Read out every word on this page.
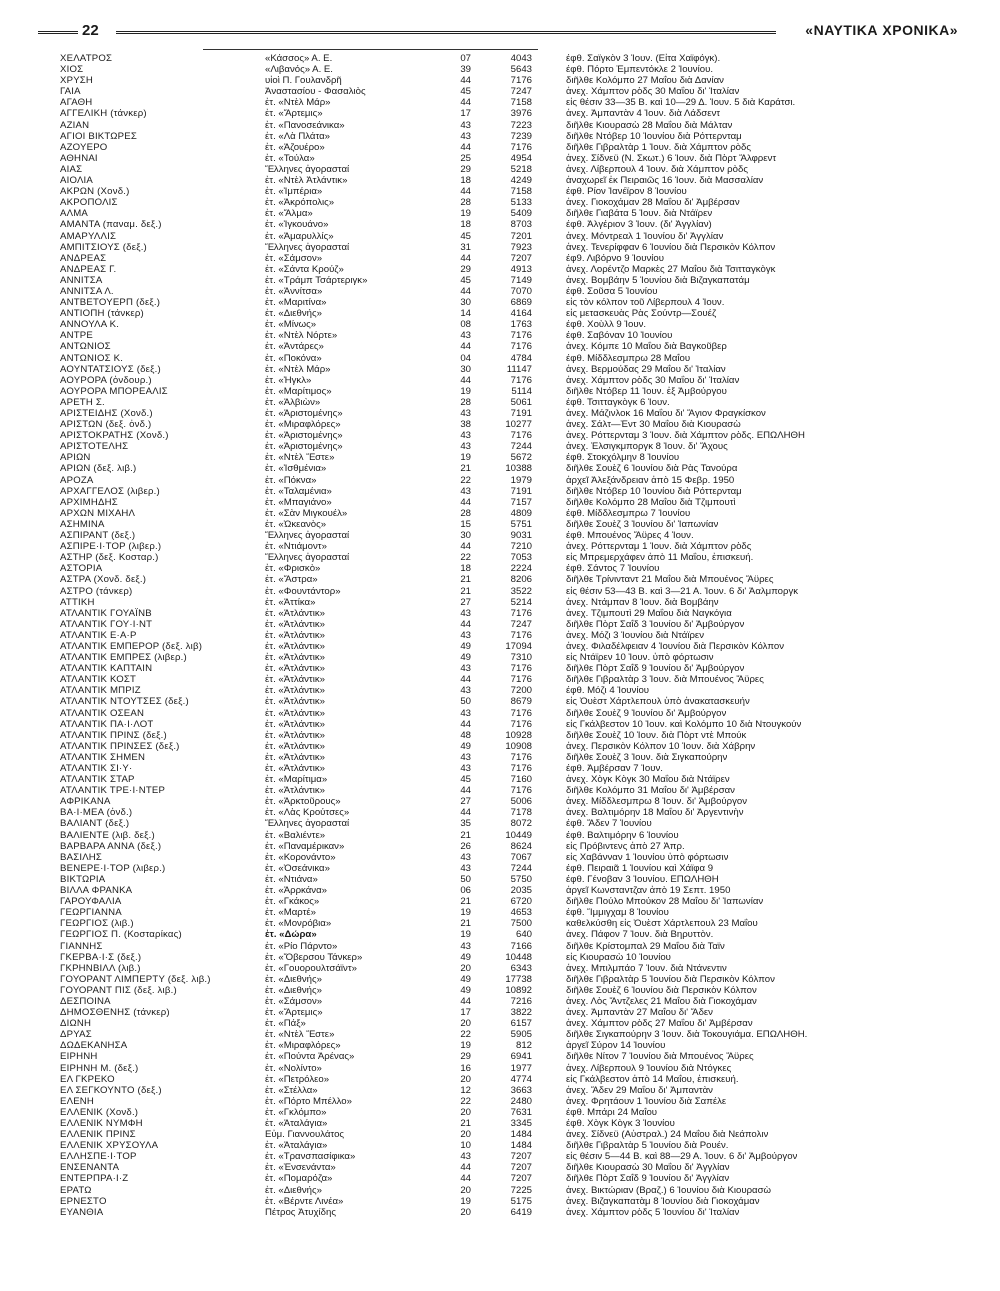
22	«ΝΑΥΤΙΚΑ ΧΡΟΝΙΚΑ»
ΧΕΛΑΤΡΟΣ	«Κάσσος» Α. Ε.	07	4043	έφθ. Σαϊγκὸν 3 Ἰουν. (Εἰτα Χαϊφόγκ).
ΧΙΟΣ	«Λιβανός» Α. Ε.	39	5643	έφθ. Πόρτο Ἐμπεντόκλε 2 Ἰουνίου.
ΧΡΥΣΗ	υἱοὶ Π. Γουλανδρῆ	44	7176	διῆλθε Κολόμπο 27 Μαΐου διὰ Δανίαν
ΓΑΙΑ	Ἀναστασίου - Φασαλιὸς	45	7247	ἀνεχ. Χάμπτον ρὸδς 30 Μαΐου δι' Ἰταλίαν
ΑΓΑΘΗ	ἐτ. «Ντὲλ Μάρ»	44	7158	εἰς θέσιν 33—35 Β. καὶ 10—29 Δ. Ἰουν. 5 διὰ Καράτσι.
ΑΓΓΕΛΙΚΗ (τάνκερ)	ἐτ. «Ἄρτεμις»	17	3976	ἀνεχ. Ἀμπαντὰν 4 Ἰουν. διὰ Λάδσεντ
ΑΖΙΑΝ	ἐτ. «Πανοσεάνικα»	43	7223	διῆλθε Κιουρασὼ 28 Μαΐου διὰ Μάλταν
ΑΓΙΟΙ ΒΙΚΤΩΡΕΣ	ἐτ. «Λὰ Πλάτα»	43	7239	διῆλθε Ντόβερ 10 Ἰουνίου διὰ Ρόττερνταμ
ΑΖΟΥΕΡΟ	ἐτ. «Ἀζουέρο»	44	7176	διῆλθε Γιβραλτὰρ 1 Ἰουν. διὰ Χάμπτον ρὸδς
ΑΘΗΝΑΙ	ἐτ. «Τούλα»	25	4954	ἀνεχ. Σίδνεϋ (Ν. Σκωτ.) 6 Ἰουν. διὰ Πὸρτ Ἄλφρεντ
ΑΙΑΣ	Ἕλληνες ἀγορασταί	29	5218	ἀνεχ. Λίβερπουλ 4 Ἰουν. διὰ Χάμπτον ρὸδς
ΑΙΟΛΙΑ	ἐτ. «Ντὲλ Ἀτλάντικ»	18	4249	ἀναχωρεῖ ἐκ Πειραιῶς 16 Ἰουν. διὰ Μασσαλίαν
ΑΚΡΩΝ (Χονδ.)	ἐτ. «Ἰμπέρια»	44	7158	έφθ. Ρίον Ἰανέϊρον 8 Ἰουνίου
ΑΚΡΟΠΟΛΙΣ	ἐτ. «Ἀκρόπολις»	28	5133	ἀνεχ. Γιοκοχάμαν 28 Μαΐου δι' Ἀμβέρσαν
ΑΛΜΑ	ἐτ. «Ἄλμα»	19	5409	διῆλθε Γιαβάτα 5 Ἰουν. διὰ Ντάϊρεν
ΑΜΑΝΤΑ (παναμ. δεξ.)	ἐτ. «Ἰγκουάνο»	18	8703	έφθ. Ἀλγέριον 3 Ἰουν. (δι' Ἀγγλίαν)
ΑΜΑΡΥΛΛΙΣ	ἐτ. «Ἀμαρυλλίς»	45	7201	ἀνεχ. Μόντρεαλ 1 Ἰουνίου δι' Ἀγγλίαν
ΑΜΠΙΤΣΙΟΥΣ (δεξ.)	Ἕλληνες ἀγορασταί	31	7923	ἀνεχ. Τενερίφφαν 6 Ἰουνίου διὰ Περσικὸν Κόλπον
ΑΝΔΡΕΑΣ	ἐτ. «Σάμσον»	44	7207	έφ9. Λιβόρνο 9 Ἰουνίου
ΑΝΔΡΕΑΣ Γ.	ἐτ. «Σάντα Κρούζ»	29	4913	ἀνεχ. Λορέντζο Μαρκὲς 27 Μαΐου διὰ Τσιτταγκὸγκ
ΑΝΝΙΤΣΑ	ἐτ. «Τράμπ Τσάρτεριγκ»	45	7149	ἀνεχ. Βομβάην 5 Ἰουνίου διὰ Βιζαγκαπατάμ
ΑΝΝΙΤΣΑ Λ.	ἐτ. «Ἀννίτσα»	44	7070	έφθ. Σοῦσα 5 Ἰουνίου
ΑΝΤΒΕΤΟΥΕΡΠ (δεξ.)	ἐτ. «Μαριτίνα»	30	6869	εἰς τὸν κόλπον τοῦ Λίβερπουλ 4 Ἰουν.
ΑΝΤΙΟΠΗ (τάνκερ)	ἐτ. «Διεθνής»	14	4164	εἰς μετασκευὰς Ρὰς Σούντρ—Σουέζ
ΑΝΝΟΥΛΑ Κ.	ἐτ. «Μίνως»	08	1763	έφθ. Χοὺλλ 9 Ἰουν.
ΑΝΤΡΕ	ἐτ. «Ντὲλ Νόρτε»	43	7176	έφθ. Σαβόναν 10 Ἰουνίου
ΑΝΤΩΝΙΟΣ	ἐτ. «Ἀντάρες»	44	7176	ἀνεχ. Κόμπε 10 Μαΐου διὰ Βαγκοῦβερ
ΑΝΤΩΝΙΟΣ Κ.	ἐτ. «Ποκόνα»	04	4784	έφθ. Μίδδλεσμπρω 28 Μαΐου
ΑΟΥΝΤΑΤΣΙΟΥΣ (δεξ.)	ἐτ. «Ντὲλ Μάρ»	30	11147	ἀνεχ. Βερμούδας 29 Μαΐου δι' Ἰταλίαν
ΑΟΥΡΟΡΑ (ὀνδουρ.)	ἐτ. «Ἠγκλ»	44	7176	ἀνεχ. Χάμπτον ρὸδς 30 Μαΐου δι' Ἰταλίαν
ΑΟΥΡΟΡΑ ΜΠΟΡΕΑΛΙΣ	ἐτ. «Μαρίτιμος»	19	5114	διῆλθε Ντόβερ 11 Ἰουν. ἐξ Ἀμβούργου
ΑΡΕΤΗ Σ.	ἐτ. «Ἀλβιὼν»	28	5061	έφθ. Τσιτταγκὸγκ 6 Ἰουν.
ΑΡΙΣΤΕΙΔΗΣ (Χονδ.)	ἐτ. «Ἀριστομένης»	43	7191	ἀνεχ. Μάζινλοκ 16 Μαΐου δι' Ἅγιον Φραγκίσκον
ΑΡΙΣΤΩΝ (δεξ. ὀνδ.)	ἐτ. «Μιραφλόρες»	38	10277	ἀνεχ. Σάλτ—Ἐντ 30 Μαΐου διὰ Κιουρασὼ
ΑΡΙΣΤΟΚΡΑΤΗΣ (Χονδ.)	ἐτ. «Ἀριστομένης»	43	7176	ἀνεχ. Ρόττερνταμ 3 Ἰουν. διὰ Χάμπτον ρὸδς. ΕΠΩΛΗΘΗ
ΑΡΙΣΤΟΤΕΛΗΣ	ἐτ. «Ἀριστομένης»	43	7244	ἀνεχ. Ἑλσιγκμποργκ 8 Ἰουν. δι' Ἄχους
ΑΡΙΩΝ	ἐτ. «Ντὲλ Ἔστε»	19	5672	έφθ. Στοκχόλμην 8 Ἰουνίου
ΑΡΙΩΝ (δεξ. λιβ.)	ἐτ. «Ἰσθμένια»	21	10388	διῆλθε Σουὲζ 6 Ἰουνίου διὰ Ρὰς Τανούρα
ΑΡΟΖΑ	ἐτ. «Πόκνα»	22	1979	ἀρχεῖ Ἀλεξάνδρειαν ἀπὸ 15 Φεβρ. 1950
ΑΡΧΑΓΓΕΛΟΣ (λιβερ.)	ἐτ. «Ταλαμένια»	43	7191	διῆλθε Ντόβερ 10 Ἰουνίου διὰ Ρόττερνταμ
ΑΡΧΙΜΗΔΗΣ	ἐτ. «Μπαγιάνο»	44	7157	διῆλθε Κολόμπο 28 Μαΐου διὰ Τζιμπουτὶ
ΑΡΧΩΝ ΜΙΧΑΗΛ	ἐτ. «Σὰν Μιγκουέλ»	28	4809	έφθ. Μίδδλεσμπρω 7 Ἰουνίου
ΑΣΗΜΙΝΑ	ἐτ. «Ὠκεανὸς»	15	5751	διῆλθε Σουὲζ 3 Ἰουνίου δι' Ἰαπωνίαν
ΑΣΠΙΡΑΝΤ (δεξ.)	Ἕλληνες ἀγορασταί	30	9031	έφθ. Μπουένος Ἄϋρες 4 Ἰουν.
ΑΣΠΙΡΕ·Ι·ΤΟΡ (λιβερ.)	ἐτ. «Ντιάμοντ»	44	7210	ἀνεχ. Ρόττερνταμ 1 Ἰουν. διὰ Χάμπτον ρὸδς
ΑΣΤΗΡ (δεξ. Κοσταρ.)	Ἕλληνες ἀγορασταί	22	7053	εἰς Μπρεμερχάφεν ἀπὸ 11 Μαΐου, ἐπισκευή.
ΑΣΤΟΡΙΑ	ἐτ. «Φρισκὸ»	18	2224	έφθ. Σάντος 7 Ἰουνίου
ΑΣΤΡΑ (Χονδ. δεξ.)	ἐτ. «Ἄστρα»	21	8206	διῆλθε Τρίνινταντ 21 Μαΐου διὰ Μπουένος Ἄϋρες
ΑΣΤΡΟ (τάνκερ)	ἐτ. «Φουντάντορ»	21	3522	εἰς θέσιν 53—43 Β. καὶ 3—21 Α. Ἰουν. 6 δι' Ἀαλμποργκ
ΑΤΤΙΚΗ	ἐτ. «Ἀττίκα»	27	5214	ἀνεχ. Ντάμπαν 8 Ἰουν. διὰ Βομβάην
ΑΤΛΑΝΤΙΚ ΓΟΥΑΪΝΒ	ἐτ. «Ἀτλάντικ»	43	7176	ἀνεχ. Τζιμπουτὶ 29 Μαΐου διὰ Ναγκόγια
ΑΤΛΑΝΤΙΚ ΓΟΥ·Ι·ΝΤ	ἐτ. «Ἀτλάντικ»	44	7247	διῆλθε Πὸρτ Σαΐδ 3 Ἰουνίου δι' Ἀμβούργον
ΑΤΛΑΝΤΙΚ Ε·Α·Ρ	ἐτ. «Ἀτλάντικ»	43	7176	ἀνεχ. Μόζι 3 Ἰουνίου διὰ Ντάϊρεν
ΑΤΛΑΝΤΙΚ ΕΜΠΕΡΟΡ (δεξ. λιβ)	ἐτ. «Ἀτλάντικ»	49	17094	ἀνεχ. Φιλαδέλφειαν 4 Ἰουνίου διὰ Περσικὸν Κόλπον
ΑΤΛΑΝΤΙΚ ΕΜΠΡΕΣ (λιβερ.)	ἐτ. «Ἀτλάντικ»	49	7310	εἰς Ντάϊρεν 10 Ἰουν. ὑπὸ φόρτωσιν
ΑΤΛΑΝΤΙΚ ΚΑΠΤΑΙΝ	ἐτ. «Ἀτλάντικ»	43	7176	διῆλθε Πὸρτ Σαΐδ 9 Ἰουνίου δι' Ἀμβούργον
ΑΤΛΑΝΤΙΚ ΚΟΣΤ	ἐτ. «Ἀτλάντικ»	44	7176	διῆλθε Γιβραλτὰρ 3 Ἰουν. διὰ Μπουένος Ἄϋρες
ΑΤΛΑΝΤΙΚ ΜΠΡΙΖ	ἐτ. «Ἀτλάντικ»	43	7200	έφθ. Μόζι 4 Ἰουνίου
ΑΤΛΑΝΤΙΚ ΝΤΟΥΤΣΕΣ (δεξ.)	ἐτ. «Ἀτλάντικ»	50	8679	εἰς Ὀυὲστ Χάρτλεπουλ ὑπὸ ἀνακατασκευήν
ΑΤΛΑΝΤΙΚ ΟΣΕΑΝ	ἐτ. «Ἀτλάντικ»	43	7176	διῆλθε Σουὲζ 9 Ἰουνίου δι' Ἀμβούργον
ΑΤΛΑΝΤΙΚ ΠΑ·Ι·ΛΟΤ	ἐτ. «Ἀτλάντικ»	44	7176	εἰς Γκάλβεστον 10 Ἰουν. καὶ Κολόμπο 10 διὰ Ντουγκούν
ΑΤΛΑΝΤΙΚ ΠΡΙΝΣ (δεξ.)	ἐτ. «Ἀτλάντικ»	48	10928	διῆλθε Σουὲζ 10 Ἰουν. διὰ Πὸρτ ντὲ Μπούκ
ΑΤΛΑΝΤΙΚ ΠΡΙΝΣΕΣ (δεξ.)	ἐτ. «Ἀτλάντικ»	49	10908	ἀνεχ. Περσικὸν Κόλπον 10 Ἰουν. διὰ Χάβρην
ΑΤΛΑΝΤΙΚ ΣΗΜΕΝ	ἐτ. «Ἀτλάντικ»	43	7176	διῆλθε Σουὲζ 3 Ἰουν. διὰ Σιγκαπούρην
ΑΤΛΑΝΤΙΚ ΣΙ·Υ·	ἐτ. «Ἀτλάντικ»	43	7176	έφθ. Ἀμβέρσαν 7 Ἰουν.
ΑΤΛΑΝΤΙΚ ΣΤΑΡ	ἐτ. «Μαρίτιμα»	45	7160	ἀνεχ. Χὸγκ Κὸγκ 30 Μαΐου διὰ Ντάϊρεν
ΑΤΛΑΝΤΙΚ ΤΡΕ·Ι·ΝΤΕΡ	ἐτ. «Ἀτλάντικ»	44	7176	διῆλθε Κολόμπο 31 Μαΐου δι' Ἀμβέρσαν
ΑΦΡΙΚΑΝΑ	ἐτ. «Ἀρκτοῦρους»	27	5006	ἀνεχ. Μίδδλεσμπρω 8 Ἰουν. δι' Ἀμβούργον
ΒΑ·Ι·ΜΕΑ (ὀνδ.)	ἐτ. «Λὰς Κρούτσες»	44	7178	ἀνεχ. Βαλτιμόρην 18 Μαΐου δι' Ἀργεντινὴν
ΒΑΛΙΑΝΤ (δεξ.)	Ἕλληνες ἀγορασταί	35	8072	έφθ. Ἄδεν 7 Ἰουνίου
ΒΑΛΙΕΝΤΕ (λιβ. δεξ.)	ἐτ. «Βαλιέντε»	21	10449	έφθ. Βαλτιμόρην 6 Ἰουνίου
ΒΑΡΒΑΡΑ ΑΝΝΑ (δεξ.)	ἐτ. «Παναμέρικαν»	26	8624	εἰς Πρόβιντενς ἀπὸ 27 Ἀπρ.
ΒΑΣΙΛΗΣ	ἐτ. «Κορονάντο»	43	7067	εἰς Χαβάνναν 1 Ἰουνίου ὑπὸ φόρτωσιν
ΒΕΝΕΡΕ·Ι·ΤΟΡ (λιβερ.)	ἐτ. «Ὀσεάνικα»	43	7244	έφθ. Πειραιᾶ 1 Ἰουνίου καὶ Χάϊφα 9
ΒΙΚΤΩΡΙΑ	ἐτ. «Ντιάνα»	50	5750	έφθ. Γένοβαν 3 Ἰουνίου. ΕΠΩΛΗΘΗ
ΒΙΛΛΑ ΦΡΑΝΚΑ	ἐτ. «Ἀρρκάνα»	06	2035	ἀργεῖ Κωνσταντζαν ἀπὸ 19 Σεπτ. 1950
ΓΑΡΟΥΦΑΛΙΑ	ἐτ. «Γκάκος»	21	6720	διῆλθε Πούλο Μπούκον 28 Μαΐου δι' Ἰαπωνίαν
ΓΕΩΡΓΙΑΝΝΑ	ἐτ. «Μαρτέ»	19	4653	έφθ. Ἴμμιγχαμ 8 Ἰουνίου
ΓΕΩΡΓΙΟΣ (λιβ.)	ἐτ. «Μονρόβια»	21	7500	καθελκύσθη εἰς Ὀυὲστ Χάρτλεπουλ 23 Μαΐου
ΓΕΩΡΓΙΟΣ Π. (Κοσταρίκας)	ἐτ. «Δώρα»	19	640	ἀνεχ. Πάφον 7 Ἰουν. διὰ Βηρυττὸν.
ΓΙΑΝΝΗΣ	ἐτ. «Ρίο Πάρντο»	43	7166	διῆλθε Κρίστομπαλ 29 Μαΐου διὰ Ταϊν
ΓΚΕΡΒΑ·Ι·Σ (δεξ.)	ἐτ. «Ὄβερσου Τάνκερ»	49	10448	εἰς Κιουρασὼ 10 Ἰουνίου
ΓΚΡΗΝΒΙΛΛ (λιβ.)	ἐτ. «Γουορουλτσάϊντ»	20	6343	ἀνεχ. Μπιλμπάο 7 Ἰουν. διὰ Ντάνεντιν
ΓΟΥΟΡΑΝΤ ΛΙΜΠΕΡΤΥ (δεξ. λιβ.)	ἐτ. «Διεθνής»	49	17738	διῆλθε Γιβραλτὰρ 5 Ἰουνίου διὰ Περσικὸν Κόλπον
ΓΟΥΟΡΑΝΤ ΠΙΣ (δεξ. λιβ.)	ἐτ. «Διεθνής»	49	10892	διῆλθε Σουὲζ 6 Ἰουνίου διὰ Περσικὸν Κόλπον
ΔΕΣΠΟΙΝΑ	ἐτ. «Σάμσον»	44	7216	ἀνεχ. Λὸς Ἄντζελες 21 Μαΐου διὰ Γιοκοχάμαν
ΔΗΜΟΣΘΕΝΗΣ (τάνκερ)	ἐτ. «Ἄρτεμις»	17	3822	ἀνεχ. Ἀμπαντὰν 27 Μαΐου δι' Ἄδεν
ΔΙΩΝΗ	ἐτ. «Πάξ»	20	6157	ἀνεχ. Χάμπτον ρὸδς 27 Μαΐου δι' Ἀμβέρσαν
ΔΡΥΑΣ	ἐτ. «Ντὲλ Ἔστε»	22	5905	διῆλθε Σιγκαπούρην 3 Ἰουν. διὰ Τοκουγιάμα. ΕΠΩΛΗΘΗ.
ΔΩΔΕΚΑΝΗΣΑ	ἐτ. «Μιραφλόρες»	19	812	ἀργεῖ Σύρον 14 Ἰουνίου
ΕΙΡΗΝΗ	ἐτ. «Πούντα Ἀρένας»	29	6941	διῆλθε Νίτον 7 Ἰουνίου διὰ Μπουένος Ἄϋρες
ΕΙΡΗΝΗ Μ. (δεξ.)	ἐτ. «Νολίντο»	16	1977	ἀνεχ. Λίβερπουλ 9 Ἰουνίου διὰ Ντόγκες
ΕΛ ΓΚΡΕΚΟ	ἐτ. «Πετρόλεο»	20	4774	εἰς Γκάλβεστον ἀπὸ 14 Μαΐου, ἐπισκευή.
ΕΛ ΣΕΓΚΟΥΝΤΟ (δεξ.)	ἐτ. «Στέλλα»	12	3663	ἀνεχ. Ἄδεν 29 Μαΐου δι' Ἀμπαντὰν
ΕΛΕΝΗ	ἐτ. «Πόρτο Μπέλλο»	22	2480	ἀνεχ. Φρητάουν 1 Ἰουνίου διὰ Σαπέλε
ΕΛΛΕΝΙΚ (Χονδ.)	ἐτ. «Γκλόμπο»	20	7631	έφθ. Μπάρι 24 Μαΐου
ΕΛΛΕΝΙΚ ΝΥΜΦΗ	ἐτ. «Ἀταλάγια»	21	3345	έφθ. Χὸγκ Κὸγκ 3 Ἰουνίου
ΕΛΛΕΝΙΚ ΠΡΙΝΣ	Εὐμ. Γιαννουλάτος	20	1484	ἀνεχ. Σίδνεϋ (Αὐστραλ.) 24 Μαΐου διὰ Νεάπολιν
ΕΛΛΕΝΙΚ ΧΡΥΣΟΥΛΑ	ἐτ. «Ἀταλάγια»	10	1484	διῆλθε Γιβραλτὰρ 5 Ἰουνίου διὰ Ρουέν.
ΕΛΛΗΣΠΕ·Ι·ΤΟΡ	ἐτ. «Τρανσπασίφικα»	43	7207	εἰς θέσιν 5—44 Β. καὶ 88—29 Α. Ἰουν. 6 δι' Ἀμβούργον
ΕΝΣΕΝΑΝΤΑ	ἐτ. «Ἐνσενάντα»	44	7207	διῆλθε Κιουρασὼ 30 Μαΐου δι' Ἀγγλίαν
ΕΝΤΕΡΠΡΑ·Ι·Ζ	ἐτ. «Πομαρόζα»	44	7207	διῆλθε Πὸρτ Σαΐδ 9 Ἰουνίου δι' Ἀγγλίαν
ΕΡΑΤΩ	ἐτ. «Διεθνής»	20	7225	ἀνεχ. Βικτώριαν (Βραζ.) 6 Ἰουνίου διὰ Κιουρασὼ
ΕΡΝΕΣΤΟ	ἐτ. «Βέρντε Λινέα»	19	5175	ἀνεχ. Βιζαγκαπατὰμ 8 Ἰουνίου διὰ Γιοκοχάμαν
ΕΥΑΝΘΙΑ	Πέτρος Ἀτυχίδης	20	6419	ἀνεχ. Χάμπτον ρὸδς 5 Ἰουνίου δι' Ἰταλίαν
